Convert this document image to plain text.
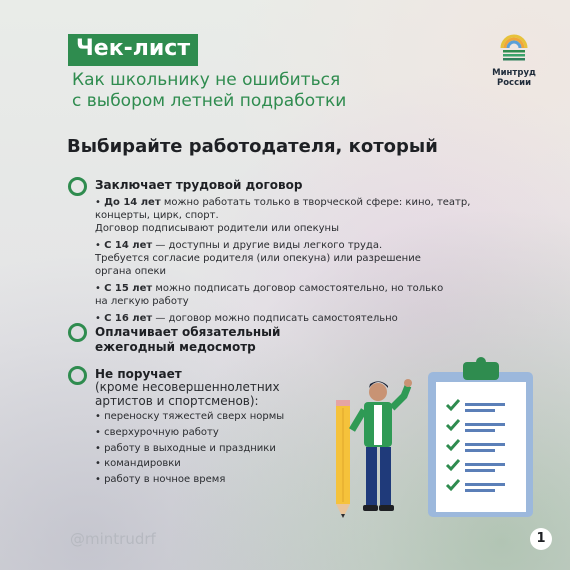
Чек-лист
Как школьнику не ошибиться
с выбором летней подработки
Минтруд
России
Выбирайте работодателя, который
Заключает трудовой договор
• До 14 лет можно работать только в творческой сфере: кино, театр,
концерты, цирк, спорт.
Договор подписывают родители или опекуны
• С 14 лет — доступны и другие виды легкого труда.
Требуется согласие родителя (или опекуна) или разрешение
органа опеки
• С 15 лет можно подписать договор самостоятельно, но только
на легкую работу
• С 16 лет — договор можно подписать самостоятельно
Оплачивает обязательный
ежегодный медосмотр
Не поручает
(кроме несовершеннолетних
артистов и спортсменов):
• переноску тяжестей сверх нормы
• сверхурочную работу
• работу в выходные и праздники
• командировки
• работу в ночное время
@mintrudrf	1
